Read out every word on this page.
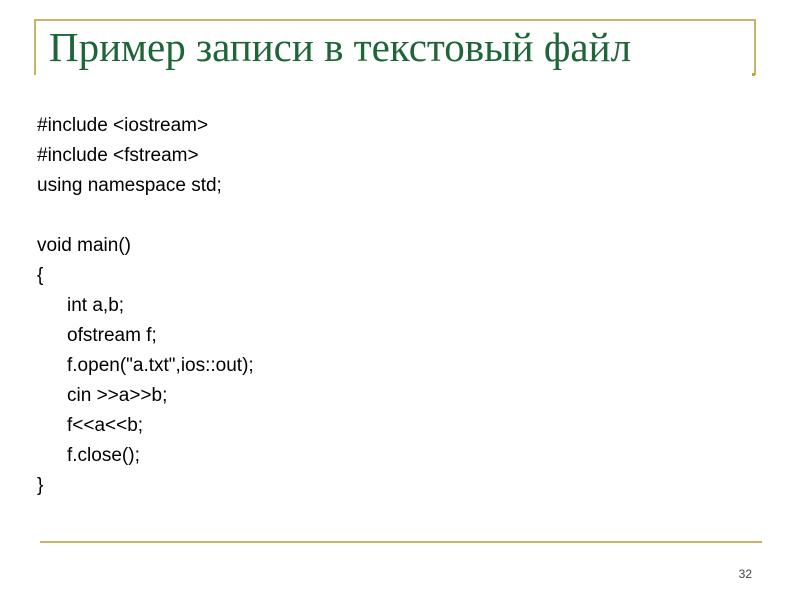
Пример записи в текстовый файл
#include <iostream>
#include <fstream>
using namespace std;
void main()
{
int a,b;
ofstream f;
f.open("a.txt",ios::out);
cin >>a>>b;
f<<a<<b;
f.close();
}
32
